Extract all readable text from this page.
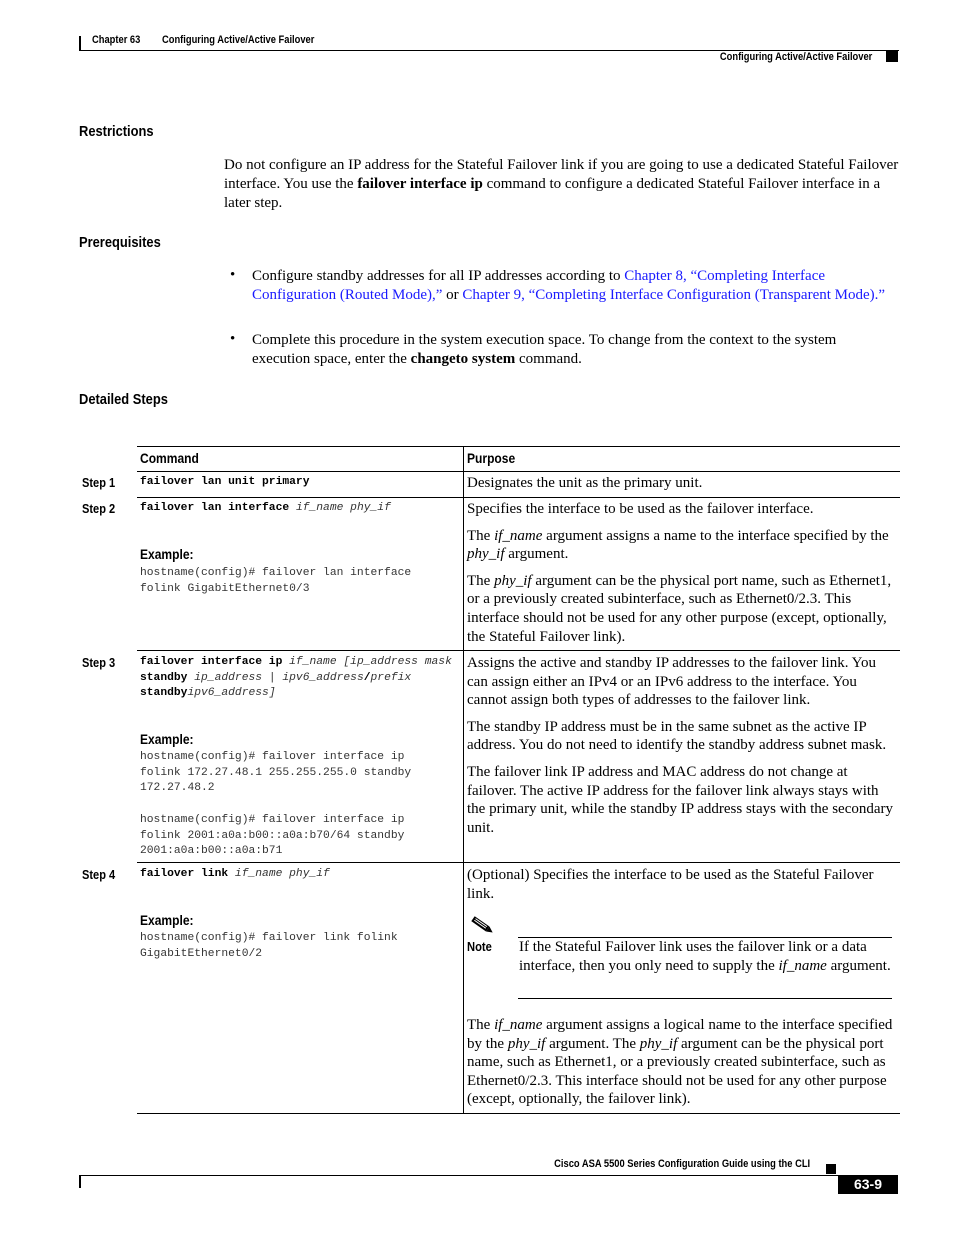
Chapter 63 Configuring Active/Active Failover
Configuring Active/Active Failover
Restrictions
Do not configure an IP address for the Stateful Failover link if you are going to use a dedicated Stateful Failover interface. You use the failover interface ip command to configure a dedicated Stateful Failover interface in a later step.
Prerequisites
• Configure standby addresses for all IP addresses according to Chapter 8, “Completing Interface Configuration (Routed Mode),” or Chapter 9, “Completing Interface Configuration (Transparent Mode).”
• Complete this procedure in the system execution space. To change from the context to the system execution space, enter the changeto system command.
Detailed Steps
Command	Purpose
Step 1 failover lan unit primary	Designates the unit as the primary unit.

Step 2 failover lan interface if_name phy_if
Example:
hostname(config)# failover lan interface
folink GigabitEthernet0/3

Specifies the interface to be used as the failover interface.

The if_name argument assigns a name to the interface specified by the phy_if argument.

The phy_if argument can be the physical port name, such as Ethernet1, or a previously created subinterface, such as Ethernet0/2.3. This interface should not be used for any other purpose (except, optionally, the Stateful Failover link).

Step 3 failover interface ip if_name [ip_address mask standby ip_address | ipv6_address/prefix standbyipv6_address]
Example:
hostname(config)# failover interface ip
folink 172.27.48.1 255.255.255.0 standby
172.27.48.2

hostname(config)# failover interface ip
folink 2001:a0a:b00::a0a:b70/64 standby
2001:a0a:b00::a0a:b71

Assigns the active and standby IP addresses to the failover link. You can assign either an IPv4 or an IPv6 address to the interface. You cannot assign both types of addresses to the failover link.

The standby IP address must be in the same subnet as the active IP address. You do not need to identify the standby address subnet mask.

The failover link IP address and MAC address do not change at failover. The active IP address for the failover link always stays with the primary unit, while the standby IP address stays with the secondary unit.

Step 4 failover link if_name phy_if
Example:
hostname(config)# failover link folink
GigabitEthernet0/2

(Optional) Specifies the interface to be used as the Stateful Failover link.

Note If the Stateful Failover link uses the failover link or a data interface, then you only need to supply the if_name argument.

The if_name argument assigns a logical name to the interface specified by the phy_if argument. The phy_if argument can be the physical port name, such as Ethernet1, or a previously created subinterface, such as Ethernet0/2.3. This interface should not be used for any other purpose (except, optionally, the failover link).

Cisco ASA 5500 Series Configuration Guide using the CLI
63-9
